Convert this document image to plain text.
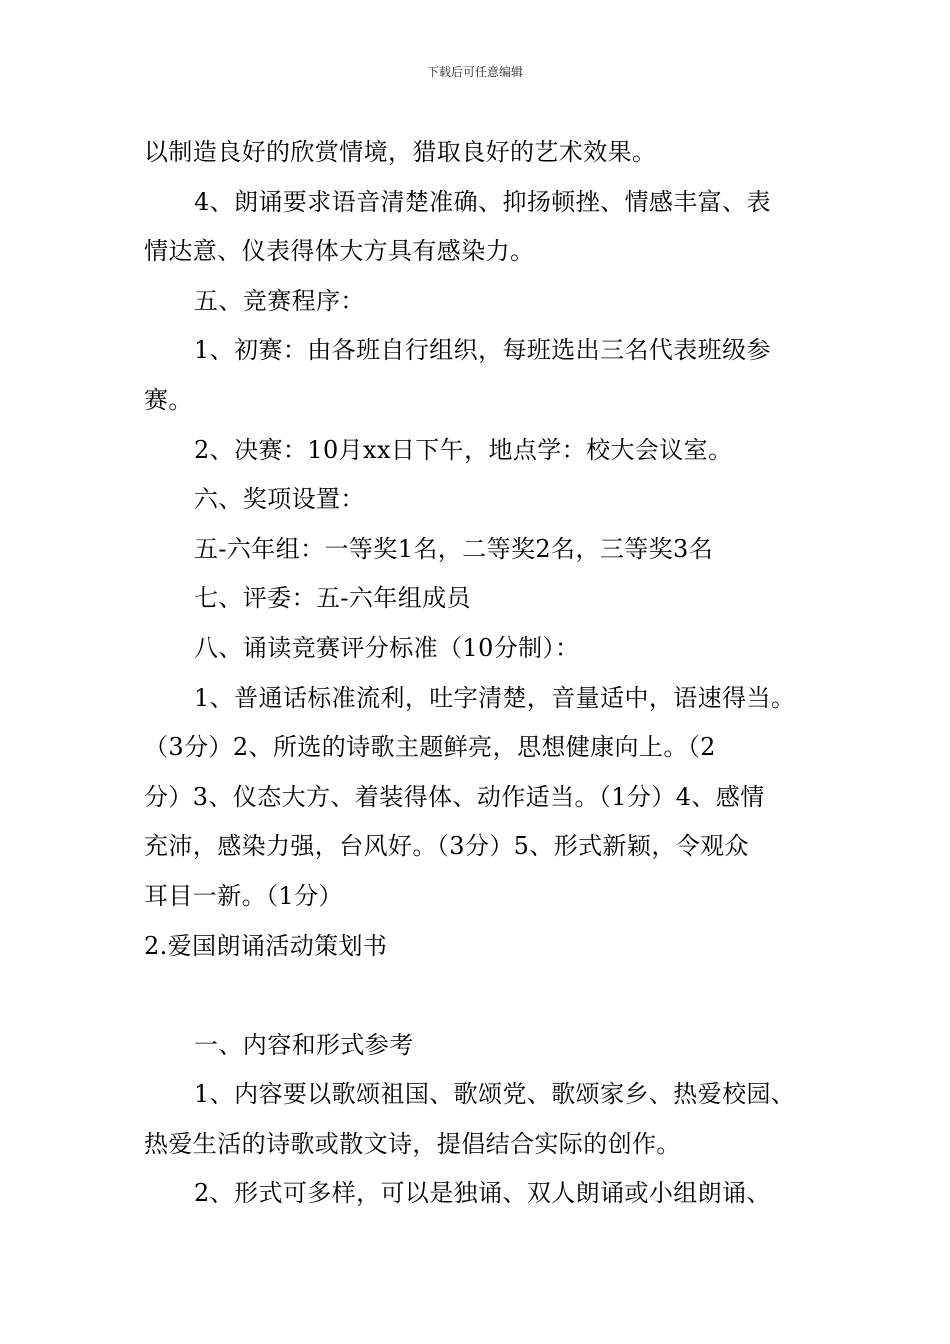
下载后可任意编辑
以制造良好的欣赏情境，猎取良好的艺术效果。
4、朗诵要求语音清楚准确、抑扬顿挫、情感丰富、表
情达意、仪表得体大方具有感染力。
五、竞赛程序：
1、初赛：由各班自行组织，每班选出三名代表班级参
赛。
2、决赛：10月xx日下午，地点学：校大会议室。
六、奖项设置：
五-六年组：一等奖1名，二等奖2名，三等奖3名
七、评委：五-六年组成员
八、诵读竞赛评分标准（10分制）：
1、普通话标准流利，吐字清楚，音量适中，语速得当。
（3分）2、所选的诗歌主题鲜亮，思想健康向上。（2
分）3、仪态大方、着装得体、动作适当。（1分）4、感情
充沛，感染力强，台风好。（3分）5、形式新颖，令观众
耳目一新。（1分）
2.爱国朗诵活动策划书
一、内容和形式参考
1、内容要以歌颂祖国、歌颂党、歌颂家乡、热爱校园、
热爱生活的诗歌或散文诗，提倡结合实际的创作。
2、形式可多样，可以是独诵、双人朗诵或小组朗诵、
